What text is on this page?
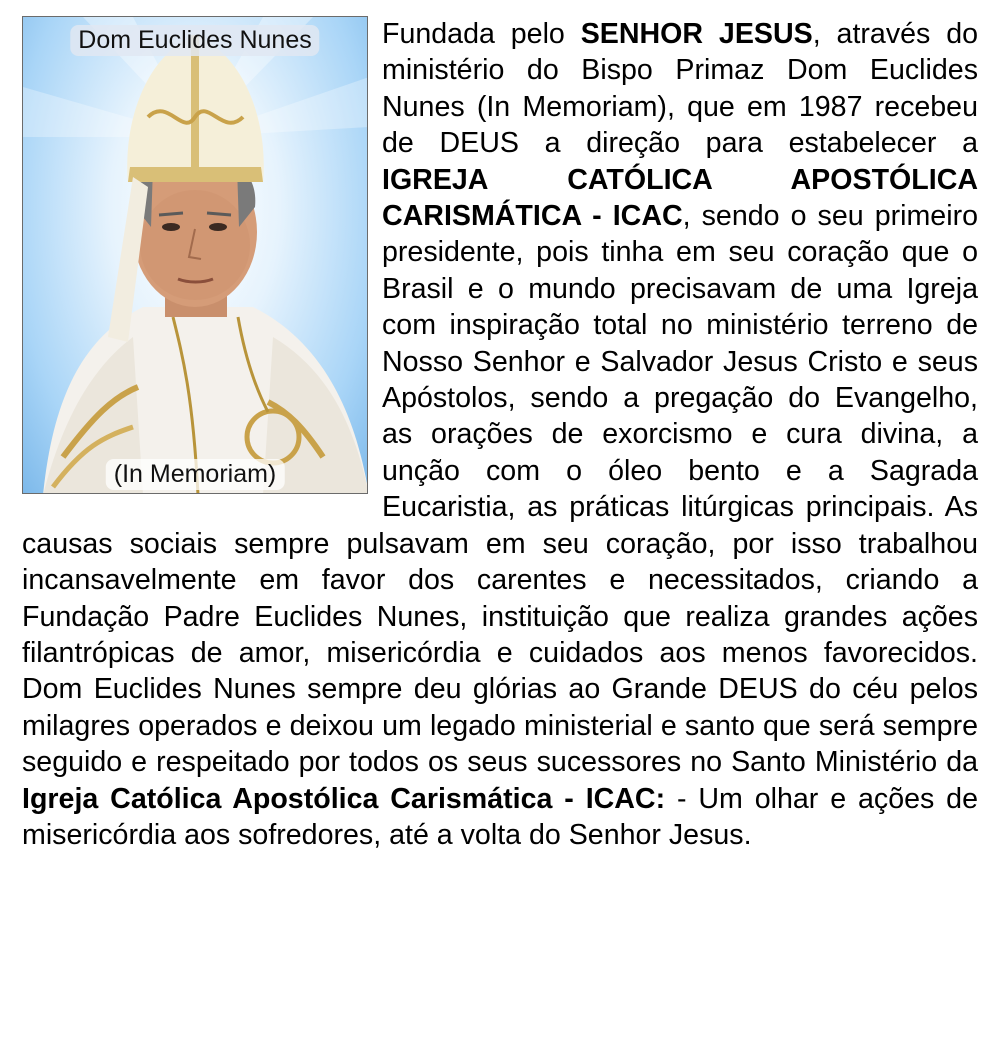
Dom Euclides Nunes
(In Memoriam)

Fundada pelo SENHOR JESUS, através do ministério do Bispo Primaz Dom Euclides Nunes (In Memoriam), que em 1987 recebeu de DEUS a direção para estabelecer a IGREJA CATÓLICA APOSTÓLICA CARISMÁTICA - ICAC, sendo o seu primeiro presidente, pois tinha em seu coração que o Brasil e o mundo precisavam de uma Igreja com inspiração total no ministério terreno de Nosso Senhor e Salvador Jesus Cristo e seus Apóstolos, sendo a pregação do Evangelho, as orações de exorcismo e cura divina, a unção com o óleo bento e a Sagrada Eucaristia, as práticas litúrgicas principais. As causas sociais sempre pulsavam em seu coração, por isso trabalhou incansavelmente em favor dos carentes e necessitados, criando a Fundação Padre Euclides Nunes, instituição que realiza grandes ações filantrópicas de amor, misericórdia e cuidados aos menos favorecidos. Dom Euclides Nunes sempre deu glórias ao Grande DEUS do céu pelos milagres operados e deixou um legado ministerial e santo que será sempre seguido e respeitado por todos os seus sucessores no Santo Ministério da Igreja Católica Apostólica Carismática - ICAC: - Um olhar e ações de misericórdia aos sofredores, até a volta do Senhor Jesus.
